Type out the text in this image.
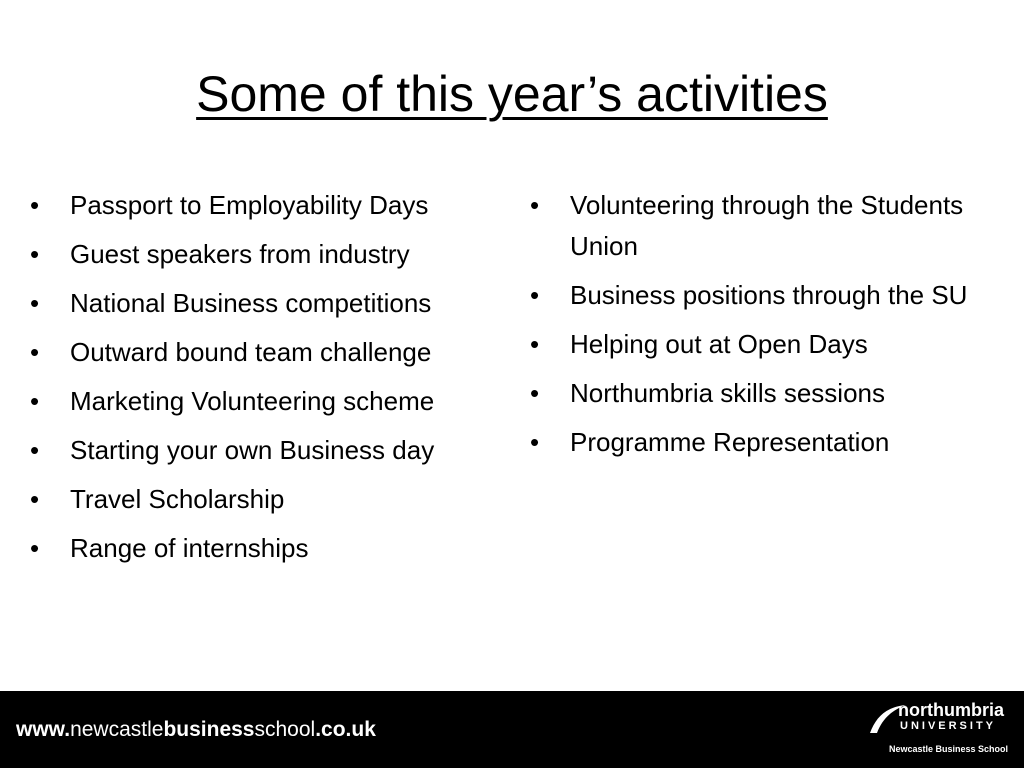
Some of this year’s activities
• Passport to Employability Days
• Guest speakers from industry
• National Business competitions
• Outward bound team challenge
• Marketing Volunteering scheme
• Starting your own Business day
• Travel Scholarship
• Range of internships
• Volunteering through the Students Union
• Business positions through the SU
• Helping out at Open Days
• Northumbria skills sessions
• Programme Representation
www.newcastlebusinessschool.co.uk
northumbria
UNIVERSITY
Newcastle Business School
